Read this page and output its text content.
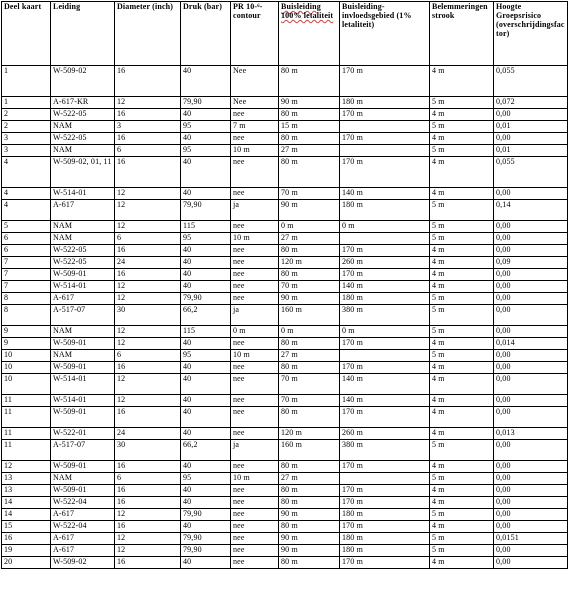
Deel kaart	Leiding	Diameter (inch)	Druk (bar)	PR 10-⁶-contour	Buisleiding 100% letaliteit	Buisleiding-invloedsgebied (1% letaliteit)	Belemmeringen strook	Hoogte Groepsrisico (overschrijdingsfactor)

1	W-509-02	16	40	Nee	80 m	170 m	4 m	0,055
1	A-617-KR	12	79,90	Nee	90 m	180 m	5 m	0,072
2	W-522-05	16	40	nee	80 m	170 m	4 m	0,00
2	NAM	3	95	7 m	15 m		5 m	0,01
3	W-522-05	16	40	nee	80 m	170 m	4 m	0,00
3	NAM	6	95	10 m	27 m		5 m	0,01
4	W-509-02, 01, 11	16	40	nee	80 m	170 m	4 m	0,055
4	W-514-01	12	40	nee	70 m	140 m	4 m	0,00
4	A-617	12	79,90	ja	90 m	180 m	5 m	0,14
5	NAM	12	115	nee	0 m	0 m	5 m	0,00
6	NAM	6	95	10 m	27 m		5 m	0,00
6	W-522-05	16	40	nee	80 m	170 m	4 m	0,00
7	W-522-05	24	40	nee	120 m	260 m	4 m	0,09
7	W-509-01	16	40	nee	80 m	170 m	4 m	0,00
7	W-514-01	12	40	nee	70 m	140 m	4 m	0,00
8	A-617	12	79,90	nee	90 m	180 m	5 m	0,00
8	A-517-07	30	66,2	ja	160 m	380 m	5 m	0,00
9	NAM	12	115	0 m	0 m	0 m	5 m	0,00
9	W-509-01	12	40	nee	80 m	170 m	4 m	0,014
10	NAM	6	95	10 m	27 m		5 m	0,00
10	W-509-01	16	40	nee	80 m	170 m	4 m	0,00
10	W-514-01	12	40	nee	70 m	140 m	4 m	0,00
11	W-514-01	12	40	nee	70 m	140 m	4 m	0,00
11	W-509-01	16	40	nee	80 m	170 m	4 m	0,00
11	W-522-01	24	40	nee	120 m	260 m	4 m	0,013
11	A-517-07	30	66,2	ja	160 m	380 m	5 m	0,00
12	W-509-01	16	40	nee	80 m	170 m	4 m	0,00
13	NAM	6	95	10 m	27 m		5 m	0,00
13	W-509-01	16	40	nee	80 m	170 m	4 m	0,00
14	W-522-04	16	40	nee	80 m	170 m	4 m	0,00
14	A-617	12	79,90	nee	90 m	180 m	5 m	0,00
15	W-522-04	16	40	nee	80 m	170 m	4 m	0,00
16	A-617	12	79,90	nee	90 m	180 m	5 m	0,0151
19	A-617	12	79,90	nee	90 m	180 m	5 m	0,00
20	W-509-02	16	40	nee	80 m	170 m	4 m	0,00
